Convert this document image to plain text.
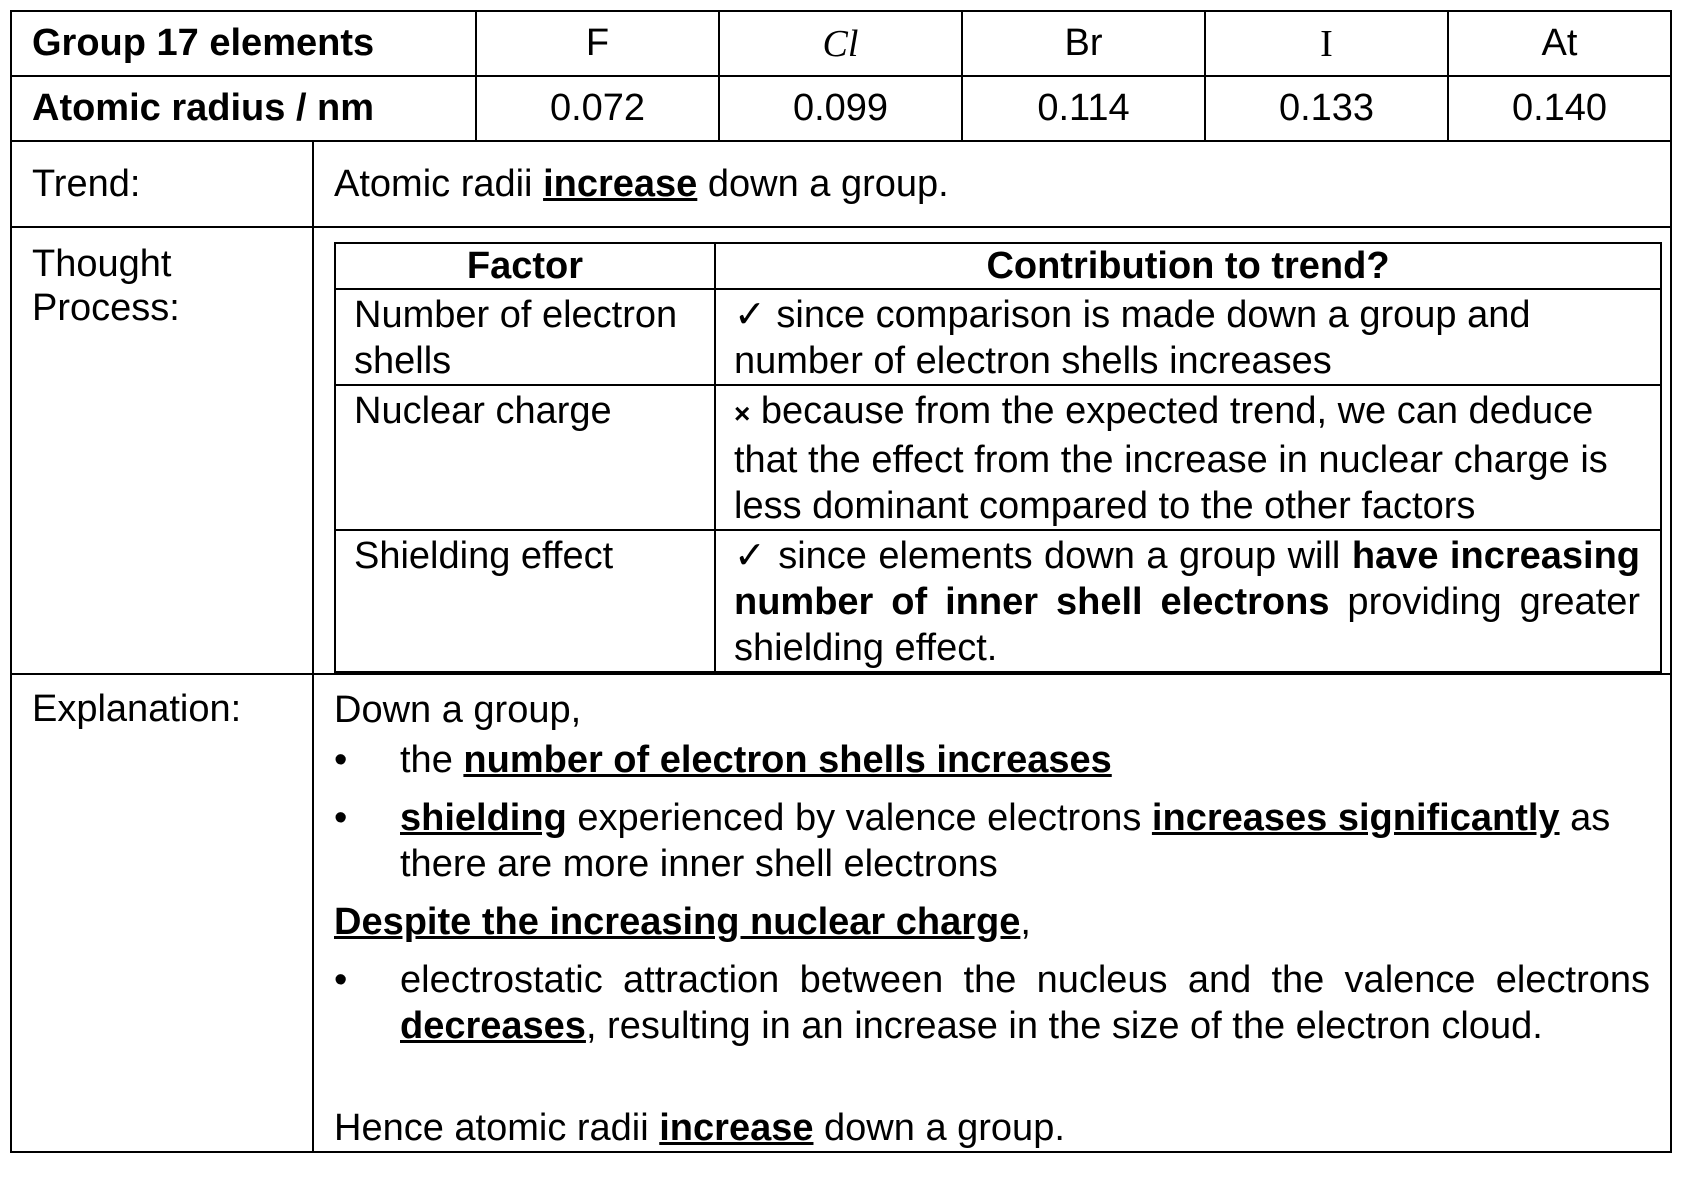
Group 17 elements	F	Cl	Br	I	At
Atomic radius / nm	0.072	0.099	0.114	0.133	0.140
Trend:	Atomic radii increase down a group.
Thought
Process:	
Factor	Contribution to trend?
Number of electron shells	✓ since comparison is made down a group and number of electron shells increases
Nuclear charge	× because from the expected trend, we can deduce that the effect from the increase in nuclear charge is less dominant compared to the other factors
Shielding effect	✓ since elements down a group will have increasing number of inner shell electrons providing greater shielding effect.

Explanation:	Down a group,
•	the number of electron shells increases
•	shielding experienced by valence electrons increases significantly as there are more inner shell electrons
Despite the increasing nuclear charge,
•	electrostatic attraction between the nucleus and the valence electrons decreases, resulting in an increase in the size of the electron cloud.
Hence atomic radii increase down a group.
